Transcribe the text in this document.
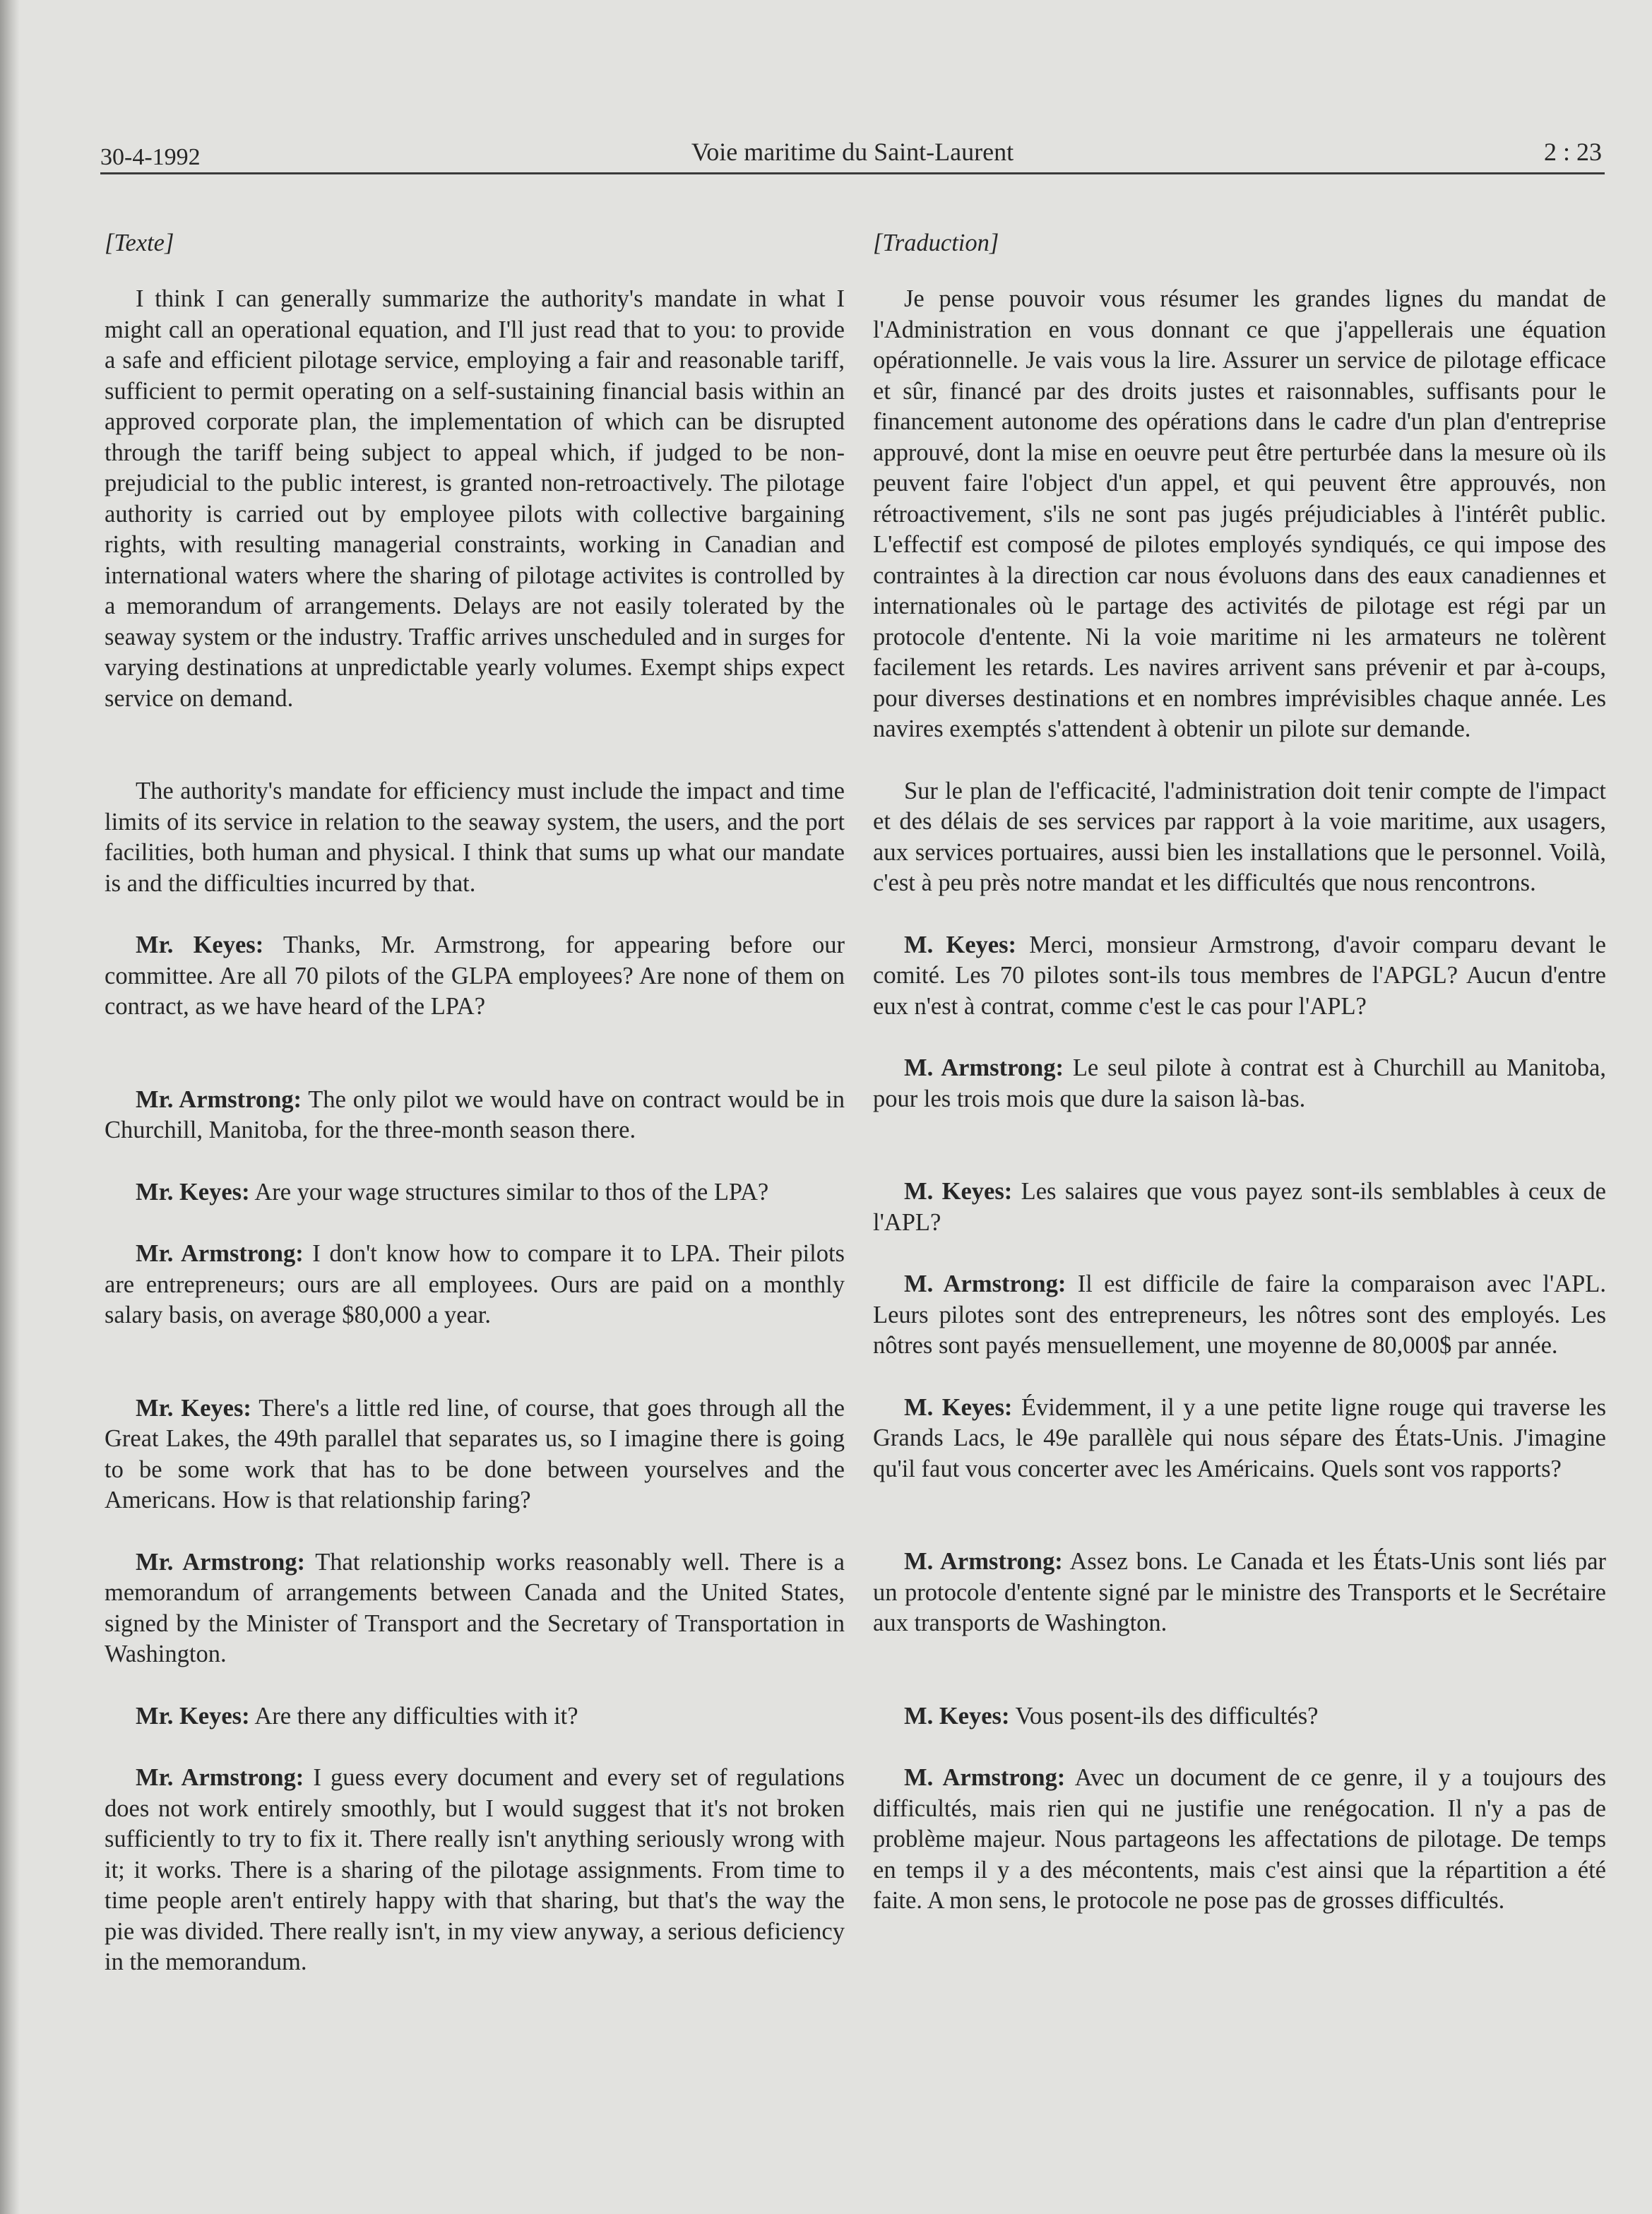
30-4-1992	Voie maritime du Saint-Laurent	2 : 23
[Texte]

I think I can generally summarize the authority's mandate in what I might call an operational equation, and I'll just read that to you: to provide a safe and efficient pilotage service, employing a fair and reasonable tariff, sufficient to permit operating on a self-sustaining financial basis within an approved corporate plan, the implementation of which can be disrupted through the tariff being subject to appeal which, if judged to be non-prejudicial to the public interest, is granted non-retroactively. The pilotage authority is carried out by employee pilots with collective bargaining rights, with resulting managerial constraints, working in Canadian and international waters where the sharing of pilotage activites is controlled by a memorandum of arrangements. Delays are not easily tolerated by the seaway system or the industry. Traffic arrives unscheduled and in surges for varying destinations at unpredictable yearly volumes. Exempt ships expect service on demand.

The authority's mandate for efficiency must include the impact and time limits of its service in relation to the seaway system, the users, and the port facilities, both human and physical. I think that sums up what our mandate is and the difficulties incurred by that.

Mr. Keyes: Thanks, Mr. Armstrong, for appearing before our committee. Are all 70 pilots of the GLPA employees? Are none of them on contract, as we have heard of the LPA?

Mr. Armstrong: The only pilot we would have on contract would be in Churchill, Manitoba, for the three-month season there.

Mr. Keyes: Are your wage structures similar to thos of the LPA?

Mr. Armstrong: I don't know how to compare it to LPA. Their pilots are entrepreneurs; ours are all employees. Ours are paid on a monthly salary basis, on average $80,000 a year.

Mr. Keyes: There's a little red line, of course, that goes through all the Great Lakes, the 49th parallel that separates us, so I imagine there is going to be some work that has to be done between yourselves and the Americans. How is that relationship faring?

Mr. Armstrong: That relationship works reasonably well. There is a memorandum of arrangements between Canada and the United States, signed by the Minister of Transport and the Secretary of Transportation in Washington.

Mr. Keyes: Are there any difficulties with it?

Mr. Armstrong: I guess every document and every set of regulations does not work entirely smoothly, but I would suggest that it's not broken sufficiently to try to fix it. There really isn't anything seriously wrong with it; it works. There is a sharing of the pilotage assignments. From time to time people aren't entirely happy with that sharing, but that's the way the pie was divided. There really isn't, in my view anyway, a serious deficiency in the memorandum.

[Traduction]

Je pense pouvoir vous résumer les grandes lignes du mandat de l'Administration en vous donnant ce que j'appellerais une équation opérationnelle. Je vais vous la lire. Assurer un service de pilotage efficace et sûr, financé par des droits justes et raisonnables, suffisants pour le financement autonome des opérations dans le cadre d'un plan d'entreprise approuvé, dont la mise en oeuvre peut être perturbée dans la mesure où ils peuvent faire l'object d'un appel, et qui peuvent être approuvés, non rétroactivement, s'ils ne sont pas jugés préjudiciables à l'intérêt public. L'effectif est composé de pilotes employés syndiqués, ce qui impose des contraintes à la direction car nous évoluons dans des eaux canadiennes et internationales où le partage des activités de pilotage est régi par un protocole d'entente. Ni la voie maritime ni les armateurs ne tolèrent facilement les retards. Les navires arrivent sans prévenir et par à-coups, pour diverses destinations et en nombres imprévisibles chaque année. Les navires exemptés s'attendent à obtenir un pilote sur demande.

Sur le plan de l'efficacité, l'administration doit tenir compte de l'impact et des délais de ses services par rapport à la voie maritime, aux usagers, aux services portuaires, aussi bien les installations que le personnel. Voilà, c'est à peu près notre mandat et les difficultés que nous rencontrons.

M. Keyes: Merci, monsieur Armstrong, d'avoir comparu devant le comité. Les 70 pilotes sont-ils tous membres de l'APGL? Aucun d'entre eux n'est à contrat, comme c'est le cas pour l'APL?

M. Armstrong: Le seul pilote à contrat est à Churchill au Manitoba, pour les trois mois que dure la saison là-bas.

M. Keyes: Les salaires que vous payez sont-ils semblables à ceux de l'APL?

M. Armstrong: Il est difficile de faire la comparaison avec l'APL. Leurs pilotes sont des entrepreneurs, les nôtres sont des employés. Les nôtres sont payés mensuellement, une moyenne de 80,000$ par année.

M. Keyes: Évidemment, il y a une petite ligne rouge qui traverse les Grands Lacs, le 49e parallèle qui nous sépare des États-Unis. J'imagine qu'il faut vous concerter avec les Américains. Quels sont vos rapports?

M. Armstrong: Assez bons. Le Canada et les États-Unis sont liés par un protocole d'entente signé par le ministre des Transports et le Secrétaire aux transports de Washington.

M. Keyes: Vous posent-ils des difficultés?

M. Armstrong: Avec un document de ce genre, il y a toujours des difficultés, mais rien qui ne justifie une renégocation. Il n'y a pas de problème majeur. Nous partageons les affectations de pilotage. De temps en temps il y a des mécontents, mais c'est ainsi que la répartition a été faite. A mon sens, le protocole ne pose pas de grosses difficultés.
